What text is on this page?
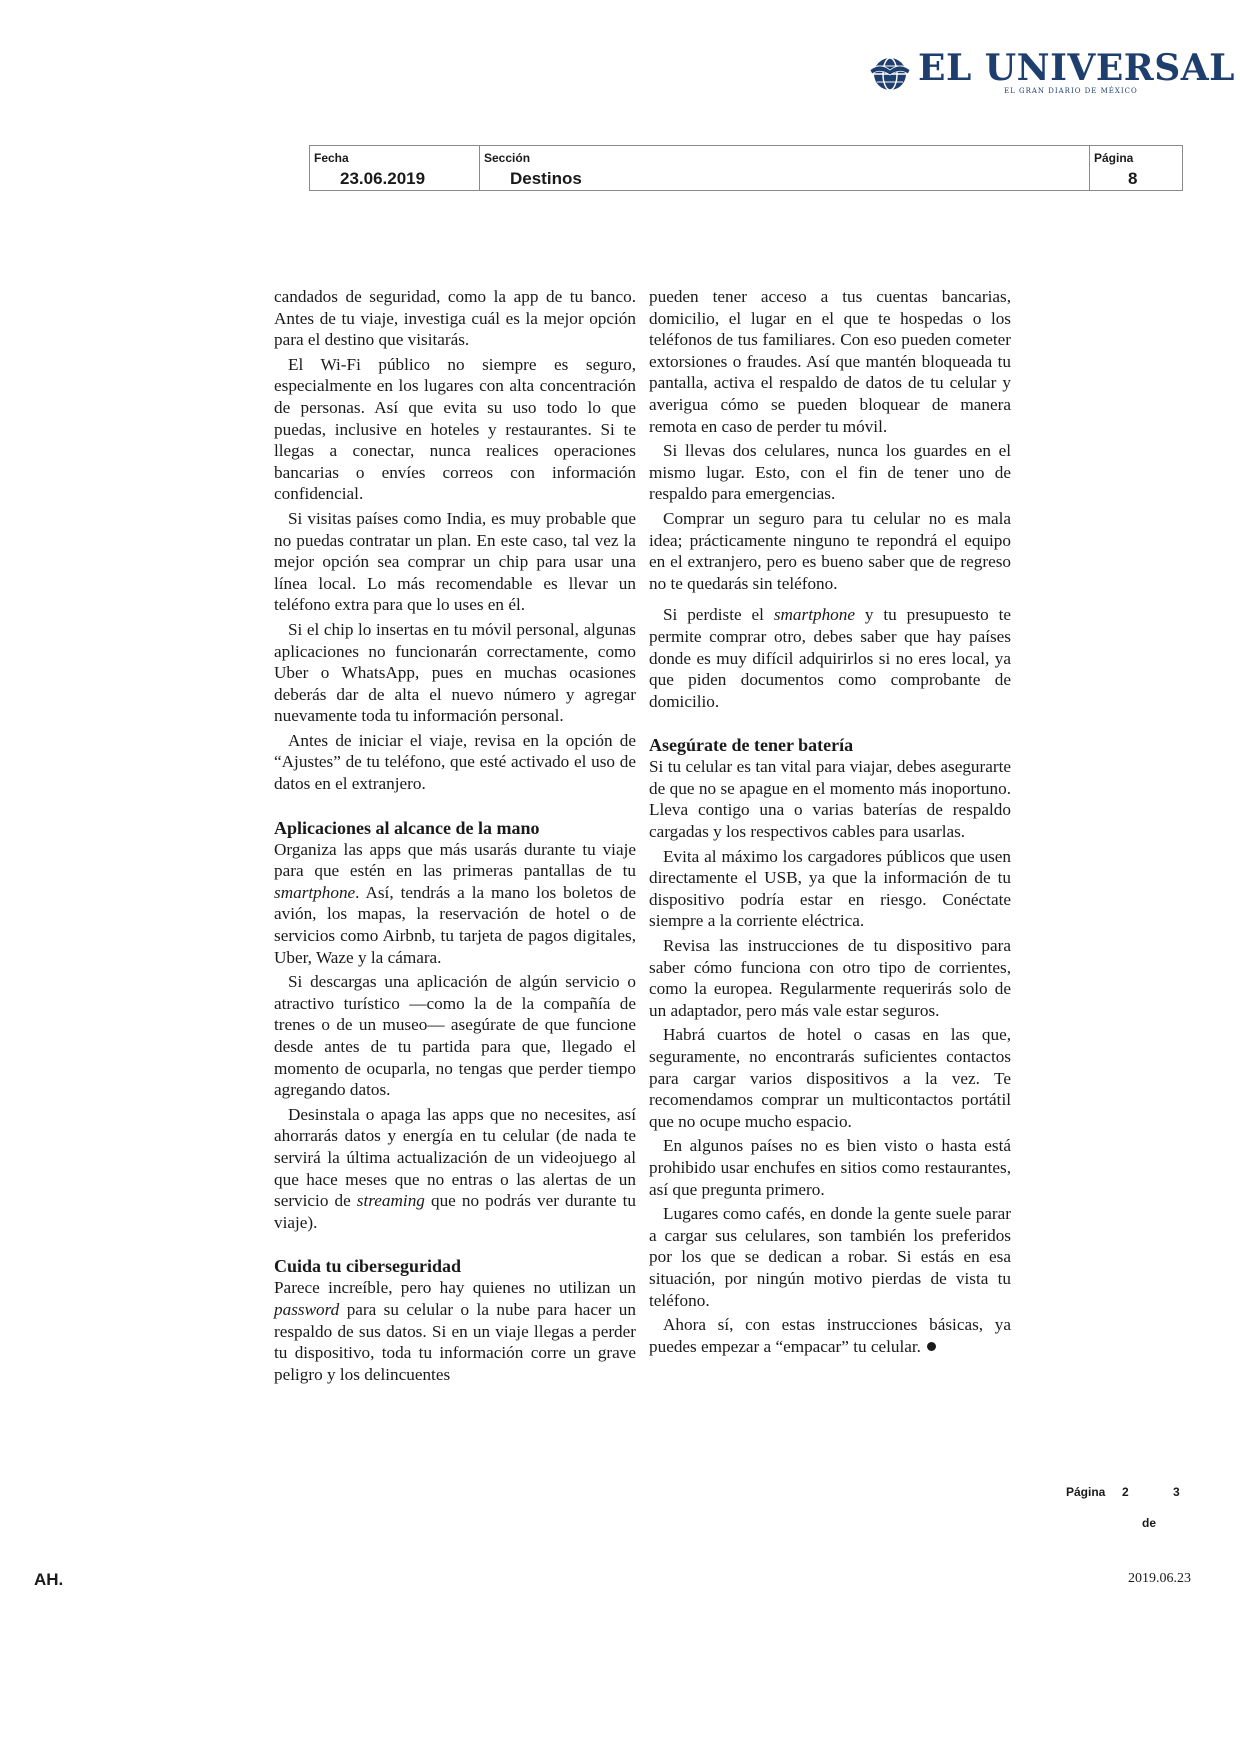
EL UNIVERSAL
EL GRAN DIARIO DE MÉXICO
Fecha
23.06.2019
Sección
Destinos
Página
8

candados de seguridad, como la app de tu banco. Antes de tu viaje, investiga cuál es la mejor opción para el destino que visitarás.

El Wi-Fi público no siempre es seguro, especialmente en los lugares con alta concentración de personas. Así que evita su uso todo lo que puedas, inclusive en hoteles y restaurantes. Si te llegas a conectar, nunca realices operaciones bancarias o envíes correos con información confidencial.

Si visitas países como India, es muy probable que no puedas contratar un plan. En este caso, tal vez la mejor opción sea comprar un chip para usar una línea local. Lo más recomendable es llevar un teléfono extra para que lo uses en él.

Si el chip lo insertas en tu móvil personal, algunas aplicaciones no funcionarán correctamente, como Uber o WhatsApp, pues en muchas ocasiones deberás dar de alta el nuevo número y agregar nuevamente toda tu información personal.

Antes de iniciar el viaje, revisa en la opción de “Ajustes” de tu teléfono, que esté activado el uso de datos en el extranjero.

Aplicaciones al alcance de la mano

Organiza las apps que más usarás durante tu viaje para que estén en las primeras pantallas de tu smartphone. Así, tendrás a la mano los boletos de avión, los mapas, la reservación de hotel o de servicios como Airbnb, tu tarjeta de pagos digitales, Uber, Waze y la cámara.

Si descargas una aplicación de algún servicio o atractivo turístico —como la de la compañía de trenes o de un museo— asegúrate de que funcione desde antes de tu partida para que, llegado el momento de ocuparla, no tengas que perder tiempo agregando datos.

Desinstala o apaga las apps que no necesites, así ahorrarás datos y energía en tu celular (de nada te servirá la última actualización de un videojuego al que hace meses que no entras o las alertas de un servicio de streaming que no podrás ver durante tu viaje).

Cuida tu ciberseguridad

Parece increíble, pero hay quienes no utilizan un password para su celular o la nube para hacer un respaldo de sus datos. Si en un viaje llegas a perder tu dispositivo, toda tu información corre un grave peligro y los delincuentes

pueden tener acceso a tus cuentas bancarias, domicilio, el lugar en el que te hospedas o los teléfonos de tus familiares. Con eso pueden cometer extorsiones o fraudes. Así que mantén bloqueada tu pantalla, activa el respaldo de datos de tu celular y averigua cómo se pueden bloquear de manera remota en caso de perder tu móvil.

Si llevas dos celulares, nunca los guardes en el mismo lugar. Esto, con el fin de tener uno de respaldo para emergencias.

Comprar un seguro para tu celular no es mala idea; prácticamente ninguno te repondrá el equipo en el extranjero, pero es bueno saber que de regreso no te quedarás sin teléfono.

Si perdiste el smartphone y tu presupuesto te permite comprar otro, debes saber que hay países donde es muy difícil adquirirlos si no eres local, ya que piden documentos como comprobante de domicilio.

Asegúrate de tener batería

Si tu celular es tan vital para viajar, debes asegurarte de que no se apague en el momento más inoportuno. Lleva contigo una o varias baterías de respaldo cargadas y los respectivos cables para usarlas.

Evita al máximo los cargadores públicos que usen directamente el USB, ya que la información de tu dispositivo podría estar en riesgo. Conéctate siempre a la corriente eléctrica.

Revisa las instrucciones de tu dispositivo para saber cómo funciona con otro tipo de corrientes, como la europea. Regularmente requerirás solo de un adaptador, pero más vale estar seguros.

Habrá cuartos de hotel o casas en las que, seguramente, no encontrarás suficientes contactos para cargar varios dispositivos a la vez. Te recomendamos comprar un multicontactos portátil que no ocupe mucho espacio.

En algunos países no es bien visto o hasta está prohibido usar enchufes en sitios como restaurantes, así que pregunta primero.

Lugares como cafés, en donde la gente suele parar a cargar sus celulares, son también los preferidos por los que se dedican a robar. Si estás en esa situación, por ningún motivo pierdas de vista tu teléfono.

Ahora sí, con estas instrucciones básicas, ya puedes empezar a “empacar” tu celular.

Página 2	3
de
AH.	2019.06.23
